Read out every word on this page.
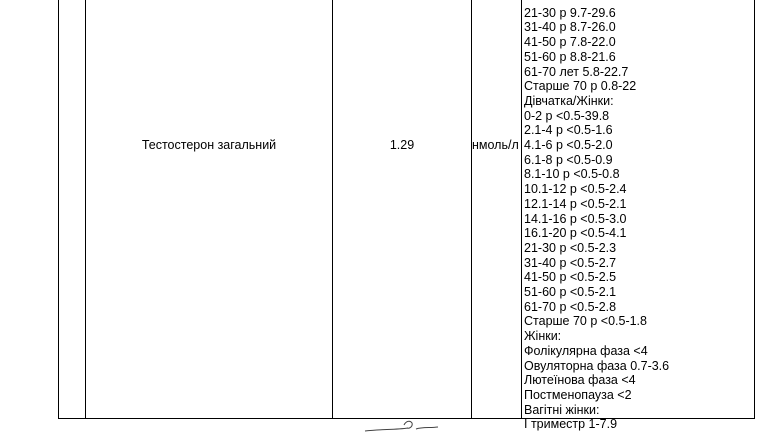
Тестостерон загальний	1.29	нмоль/л

21-30 р 9.7-29.6
31-40 р 8.7-26.0
41-50 р 7.8-22.0
51-60 р 8.8-21.6
61-70 лет 5.8-22.7
Старше 70 р 0.8-22
Дівчатка/Жінки:
0-2 р <0.5-39.8
2.1-4 р <0.5-1.6
4.1-6 р <0.5-2.0
6.1-8 р <0.5-0.9
8.1-10 р <0.5-0.8
10.1-12 р <0.5-2.4
12.1-14 р <0.5-2.1
14.1-16 р <0.5-3.0
16.1-20 р <0.5-4.1
21-30 р <0.5-2.3
31-40 р <0.5-2.7
41-50 р <0.5-2.5
51-60 р <0.5-2.1
61-70 р <0.5-2.8
Старше 70 р <0.5-1.8
Жінки:
Фолікулярна фаза <4
Овуляторна фаза 0.7-3.6
Лютеїнова фаза <4
Постменопауза <2
Вагітні жінки:
І триместр 1-7.9
